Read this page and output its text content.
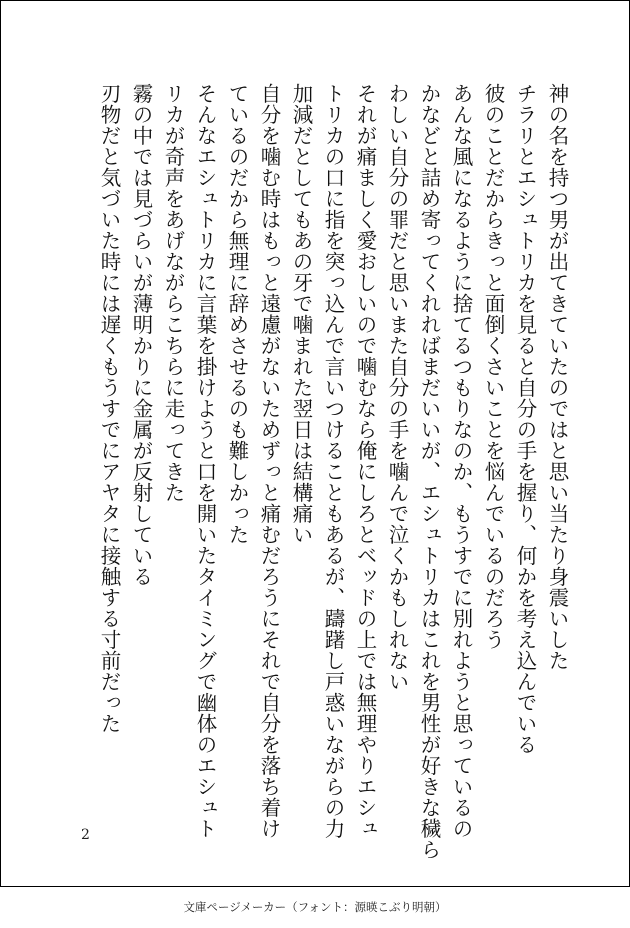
神の名を持つ男が出てきていたのではと思い当たり身震いした
チラリとエシュトリカを見ると自分の手を握り、何かを考え込んでいる
彼のことだからきっと面倒くさいことを悩んでいるのだろう
あんな風になるように捨てるつもりなのか、もうすでに別れようと思っているの
かなどと詰め寄ってくれればまだいいが、エシュトリカはこれを男性が好きな穢ら
わしい自分の罪だと思いまた自分の手を噛んで泣くかもしれない
それが痛ましく愛おしいので噛むなら俺にしろとベッドの上では無理やりエシュ
トリカの口に指を突っ込んで言いつけることもあるが、躊躇し戸惑いながらの力
加減だとしてもあの牙で噛まれた翌日は結構痛い
自分を噛む時はもっと遠慮がないためずっと痛むだろうにそれで自分を落ち着け
ているのだから無理に辞めさせるのも難しかった
そんなエシュトリカに言葉を掛けようと口を開いたタイミングで幽体のエシュト
リカが奇声をあげながらこちらに走ってきた
霧の中では見づらいが薄明かりに金属が反射している
刃物だと気づいた時には遅くもうすでにアヤタに接触する寸前だった
2
文庫ページメーカー（フォント：源暎こぶり明朝）
